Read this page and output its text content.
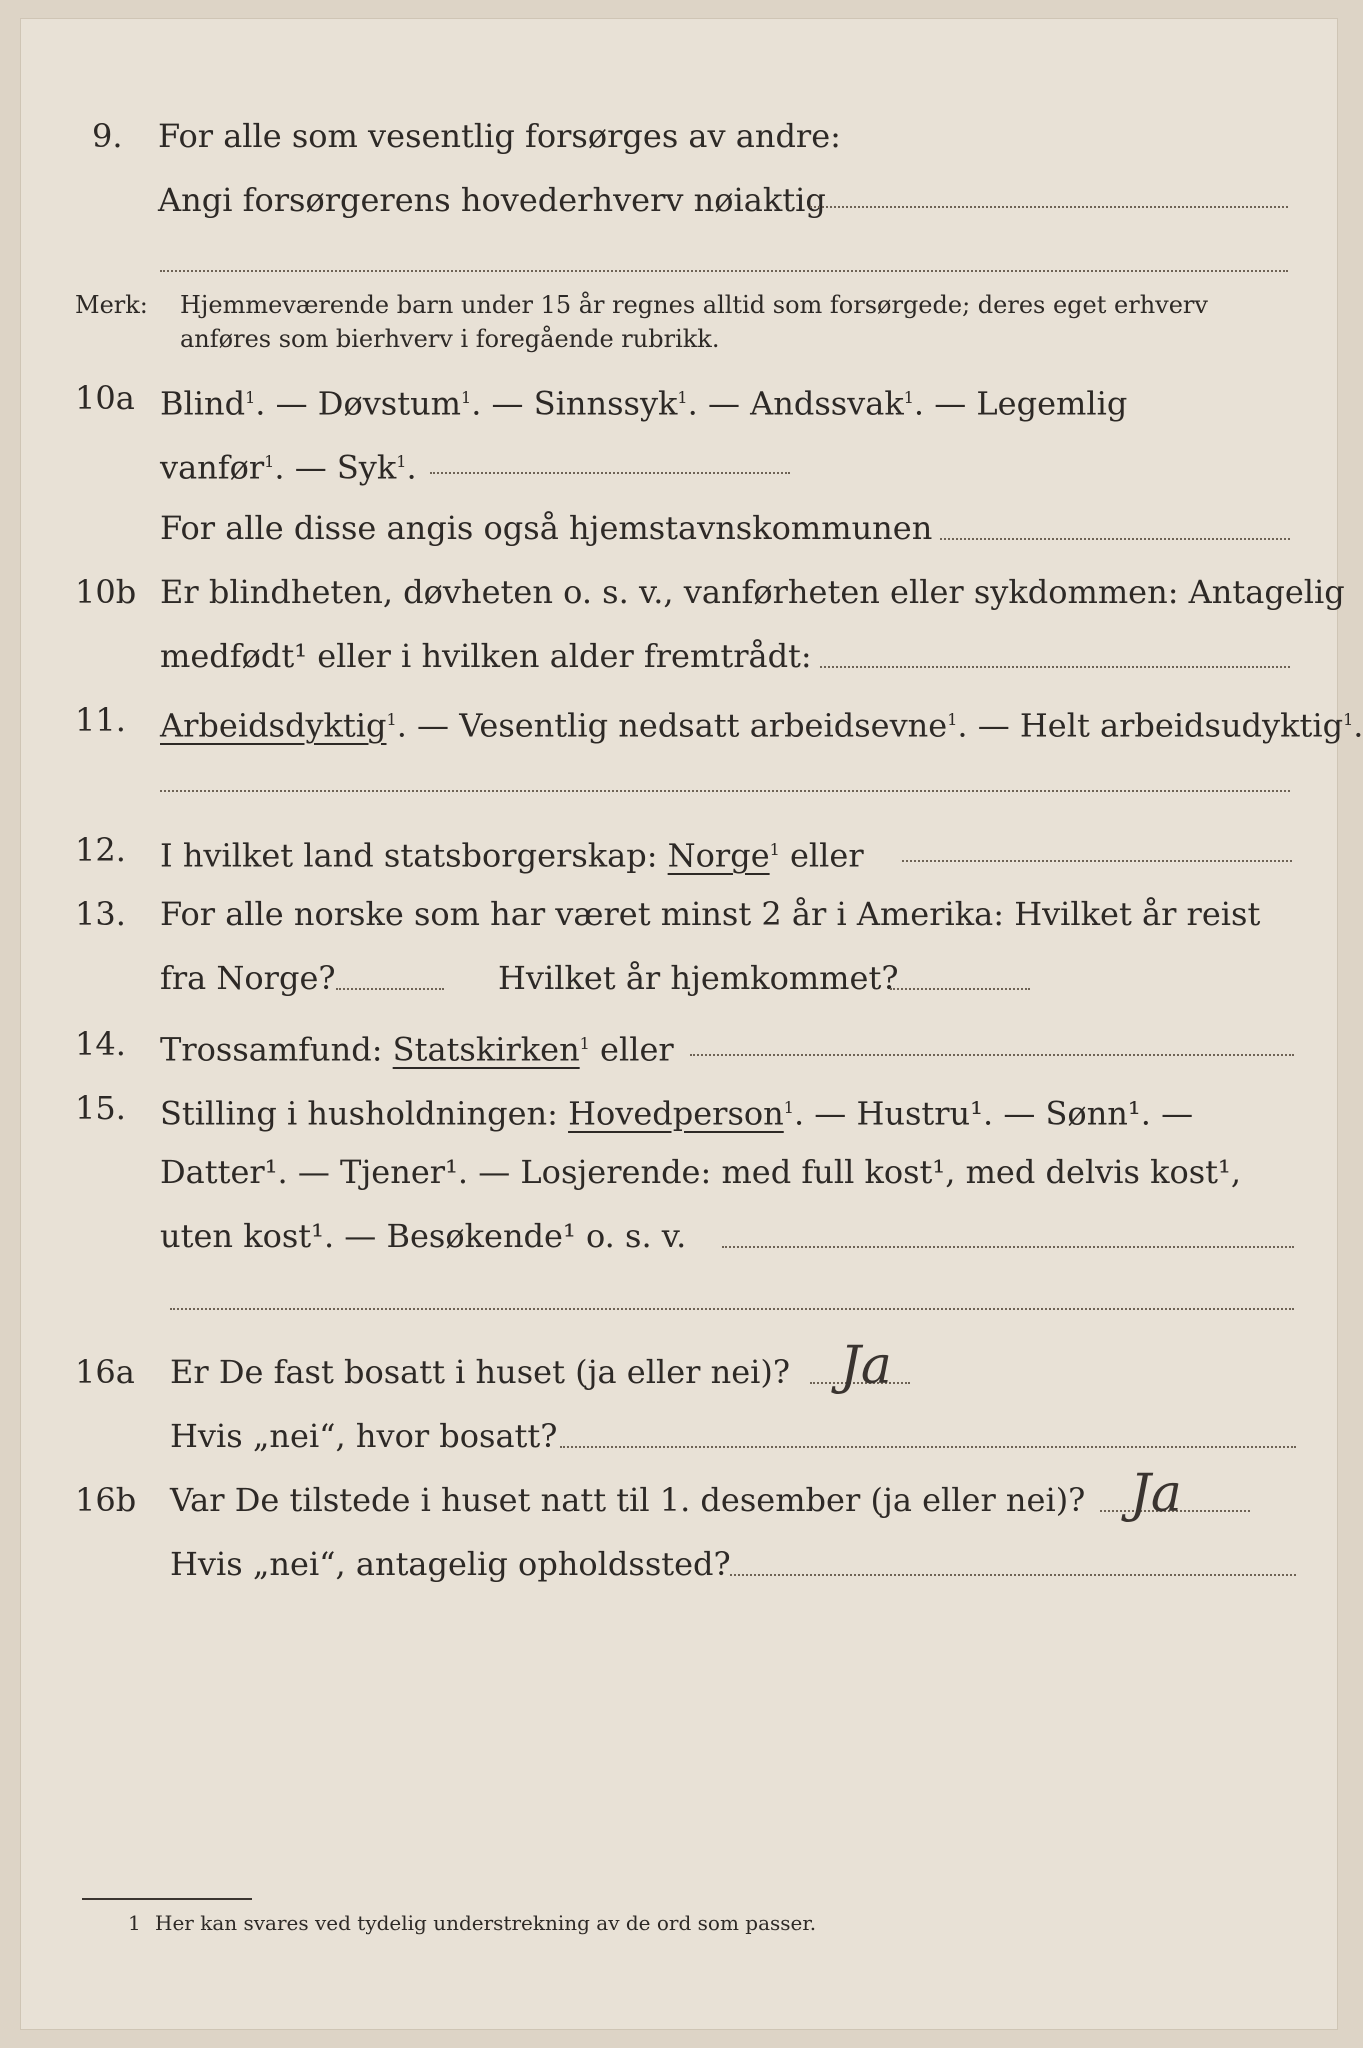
9. For alle som vesentlig forsørges av andre:
Angi forsørgerens hovederhverv nøiaktig
Merk: Hjemmeværende barn under 15 år regnes alltid som forsørgede; deres eget erhverv
anføres som bierhverv i foregående rubrikk.
10a Blind$^1$. — Døvstum$^1$. — Sinnssyk$^1$. — Andssvak$^1$. — Legemlig
vanfør$^1$. — Syk$^1$.
For alle disse angis også hjemstavnskommunen
10b Er blindheten, døvheten o. s. v., vanførheten eller sykdommen: Antagelig
medfødt¹ eller i hvilken alder fremtrådt:
11. Arbeidsdyktig$^1$. — Vesentlig nedsatt arbeidsevne$^1$. — Helt arbeidsudyktig$^1$.
12. I hvilket land statsborgerskap: Norge$^1$ eller
13. For alle norske som har været minst 2 år i Amerika: Hvilket år reist
fra Norge?	Hvilket år hjemkommet?
14. Trossamfund: Statskirken$^1$ eller
15. Stilling i husholdningen: Hovedperson$^1$. — Hustru¹. — Sønn¹. —
Datter¹. — Tjener¹. — Losjerende: med full kost¹, med delvis kost¹,
uten kost¹. — Besøkende¹ o. s. v.
16a Er De fast bosatt i huset (ja eller nei)? Ja
Hvis „nei“, hvor bosatt?
16b Var De tilstede i huset natt til 1. desember (ja eller nei)? Ja
Hvis „nei“, antagelig opholdssted?
1 Her kan svares ved tydelig understrekning av de ord som passer.
